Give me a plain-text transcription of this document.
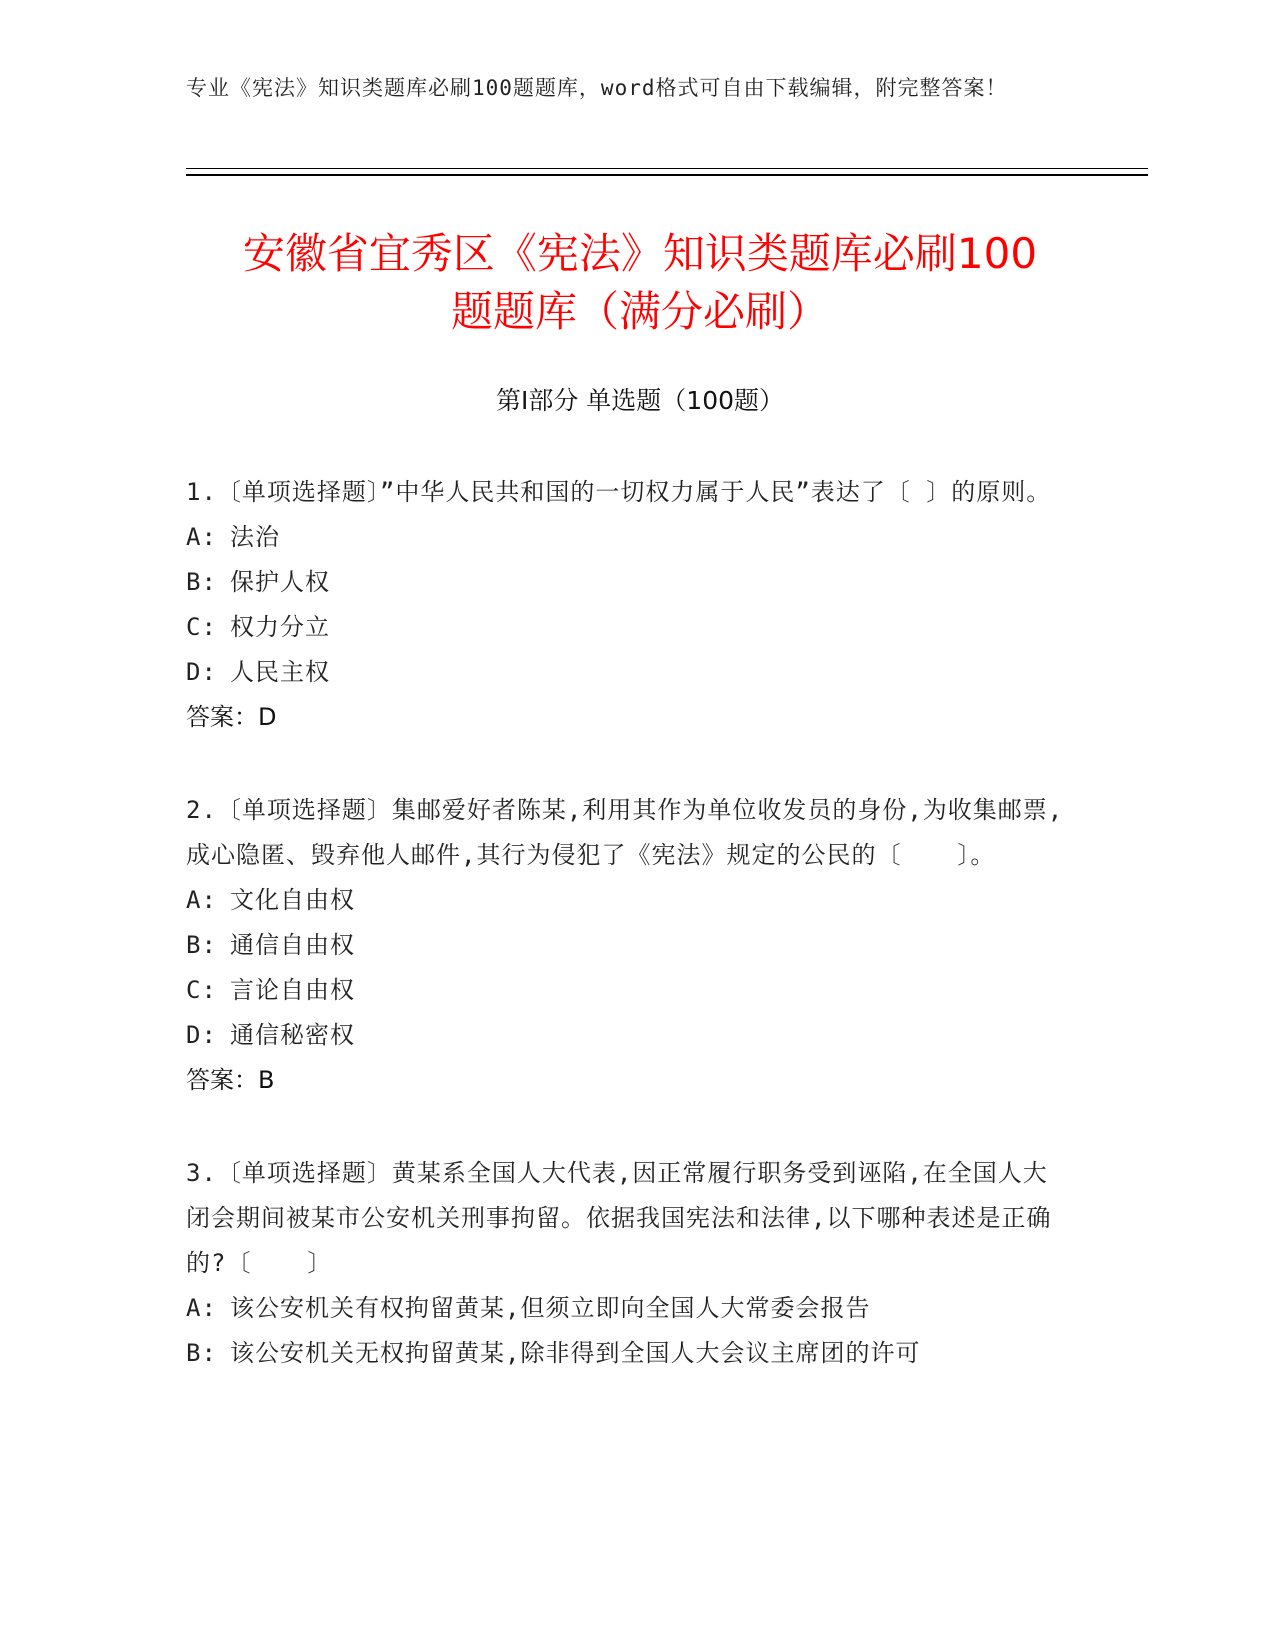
专业《宪法》知识类题库必刷100题题库，word格式可自由下载编辑，附完整答案！
安徽省宜秀区《宪法》知识类题库必刷100
题题库（满分必刷）
第Ⅰ部分 单选题（100题）

1.〔单项选择题〕”中华人民共和国的一切权力属于人民”表达了〔 〕的原则。

A: 法治

B: 保护人权

C: 权力分立

D: 人民主权

答案：D

2.〔单项选择题〕集邮爱好者陈某,利用其作为单位收发员的身份,为收集邮票,成心隐匿、毁弃他人邮件,其行为侵犯了《宪法》规定的公民的〔 　 〕。

A: 文化自由权

B: 通信自由权

C: 言论自由权

D: 通信秘密权

答案：B

3.〔单项选择题〕黄某系全国人大代表,因正常履行职务受到诬陷,在全国人大闭会期间被某市公安机关刑事拘留。依据我国宪法和法律,以下哪种表述是正确的?〔 　 〕

A: 该公安机关有权拘留黄某,但须立即向全国人大常委会报告

B: 该公安机关无权拘留黄某,除非得到全国人大会议主席团的许可
